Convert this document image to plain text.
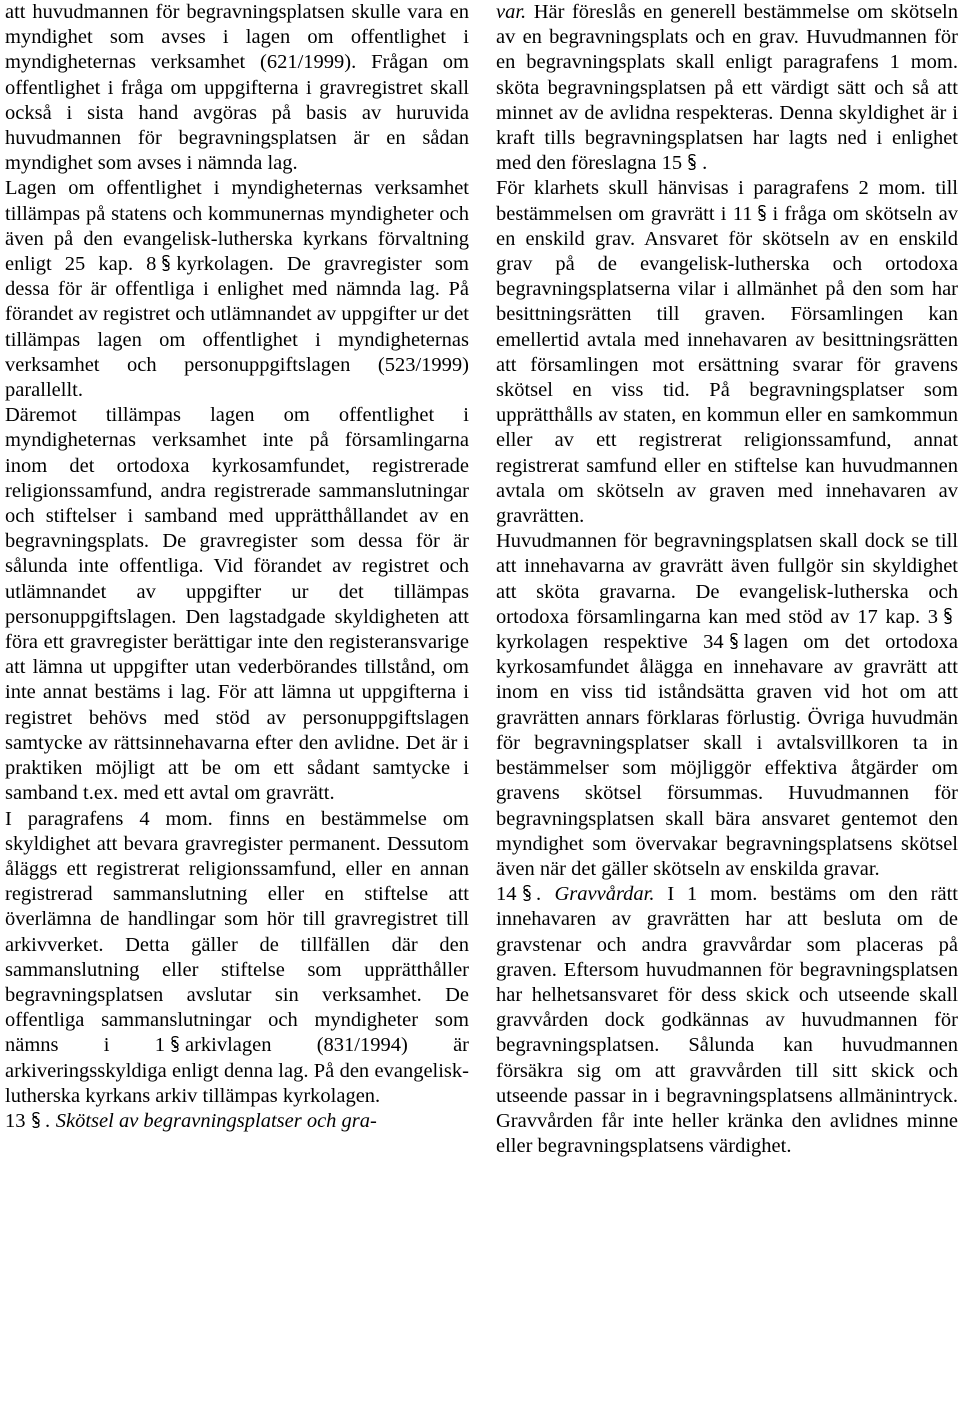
att huvudmannen för begravningsplatsen skulle vara en myndighet som avses i lagen om offentlighet i myndigheternas verksamhet (621/1999). Frågan om offentlighet i fråga om uppgifterna i gravregistret skall också i sista hand avgöras på basis av huruvida huvudmannen för begravningsplatsen är en sådan myndighet som avses i nämnda lag.

Lagen om offentlighet i myndigheternas verksamhet tillämpas på statens och kommunernas myndigheter och även på den evangelisk-lutherska kyrkans förvaltning enligt 25 kap. 8 kyrkolagen. De gravregister som dessa för är offentliga i enlighet med nämnda lag. På förandet av registret och utlämnandet av uppgifter ur det tillämpas lagen om offentlighet i myndigheternas verksamhet och personuppgiftslagen (523/1999) parallellt.

Däremot tillämpas lagen om offentlighet i myndigheternas verksamhet inte på församlingarna inom det ortodoxa kyrkosamfundet, registrerade religionssamfund, andra registrerade sammanslutningar och stiftelser i samband med upprätthållandet av en begravningsplats. De gravregister som dessa för är sålunda inte offentliga. Vid förandet av registret och utlämnandet av uppgifter ur det tillämpas personuppgiftslagen. Den lagstadgade skyldigheten att föra ett gravregister berättigar inte den registeransvarige att lämna ut uppgifter utan vederbörandes tillstånd, om inte annat bestäms i lag. För att lämna ut uppgifterna i registret behövs med stöd av personuppgiftslagen samtycke av rättsinnehavarna efter den avlidne. Det är i praktiken möjligt att be om ett sådant samtycke i samband t.ex. med ett avtal om gravrätt.

I paragrafens 4 mom. finns en bestämmelse om skyldighet att bevara gravregister permanent. Dessutom åläggs ett registrerat religionssamfund, eller en annan registrerad sammanslutning eller en stiftelse att överlämna de handlingar som hör till gravregistret till arkivverket. Detta gäller de tillfällen där den sammanslutning eller stiftelse som upprätthåller begravningsplatsen avslutar sin verksamhet. De offentliga sammanslutningar och myndigheter som nämns i 1 arkivlagen (831/1994) är arkiveringsskyldiga enligt denna lag. På den evangelisk-lutherska kyrkans arkiv tillämpas kyrkolagen.

13 . Skötsel av begravningsplatser och gra-

var. Här föreslås en generell bestämmelse om skötseln av en begravningsplats och en grav. Huvudmannen för en begravningsplats skall enligt paragrafens 1 mom. sköta begravningsplatsen på ett värdigt sätt och så att minnet av de avlidna respekteras. Denna skyldighet är i kraft tills begravningsplatsen har lagts ned i enlighet med den föreslagna 15 .

För klarhets skull hänvisas i paragrafens 2 mom. till bestämmelsen om gravrätt i 11 i fråga om skötseln av en enskild grav. Ansvaret för skötseln av en enskild grav på de evangelisk-lutherska och ortodoxa begravningsplatserna vilar i allmänhet på den som har besittningsrätten till graven. Församlingen kan emellertid avtala med innehavaren av besittningsrätten att församlingen mot ersättning svarar för gravens skötsel en viss tid. På begravningsplatser som upprätthålls av staten, en kommun eller en samkommun eller av ett registrerat religionssamfund, annat registrerat samfund eller en stiftelse kan huvudmannen avtala om skötseln av graven med innehavaren av gravrätten.

Huvudmannen för begravningsplatsen skall dock se till att innehavarna av gravrätt även fullgör sin skyldighet att sköta gravarna. De evangelisk-lutherska och ortodoxa församlingarna kan med stöd av 17 kap. 3kyrkolagen respektive 34 lagen om det ortodoxa kyrkosamfundet ålägga en innehavare av gravrätt att inom en viss tid iståndsätta graven vid hot om att gravrätten annars förklaras förlustig. Övriga huvudmän för begravningsplatser skall i avtalsvillkoren ta in bestämmelser som möjliggör effektiva åtgärder om gravens skötsel försummas. Huvudmannen för begravningsplatsen skall bära ansvaret gentemot den myndighet som övervakar begravningsplatsens skötsel även när det gäller skötseln av enskilda gravar.

14 . Gravvårdar. I 1 mom. bestäms om den rätt innehavaren av gravrätten har att besluta om de gravstenar och andra gravvårdar som placeras på graven. Eftersom huvudmannen för begravningsplatsen har helhetsansvaret för dess skick och utseende skall gravvården dock godkännas av huvudmannen för begravningsplatsen. Sålunda kan huvudmannen försäkra sig om att gravvården till sitt skick och utseende passar in i begravningsplatsens allmänintryck. Gravvården får inte heller kränka den avlidnes minne eller begravningsplatsens värdighet.
